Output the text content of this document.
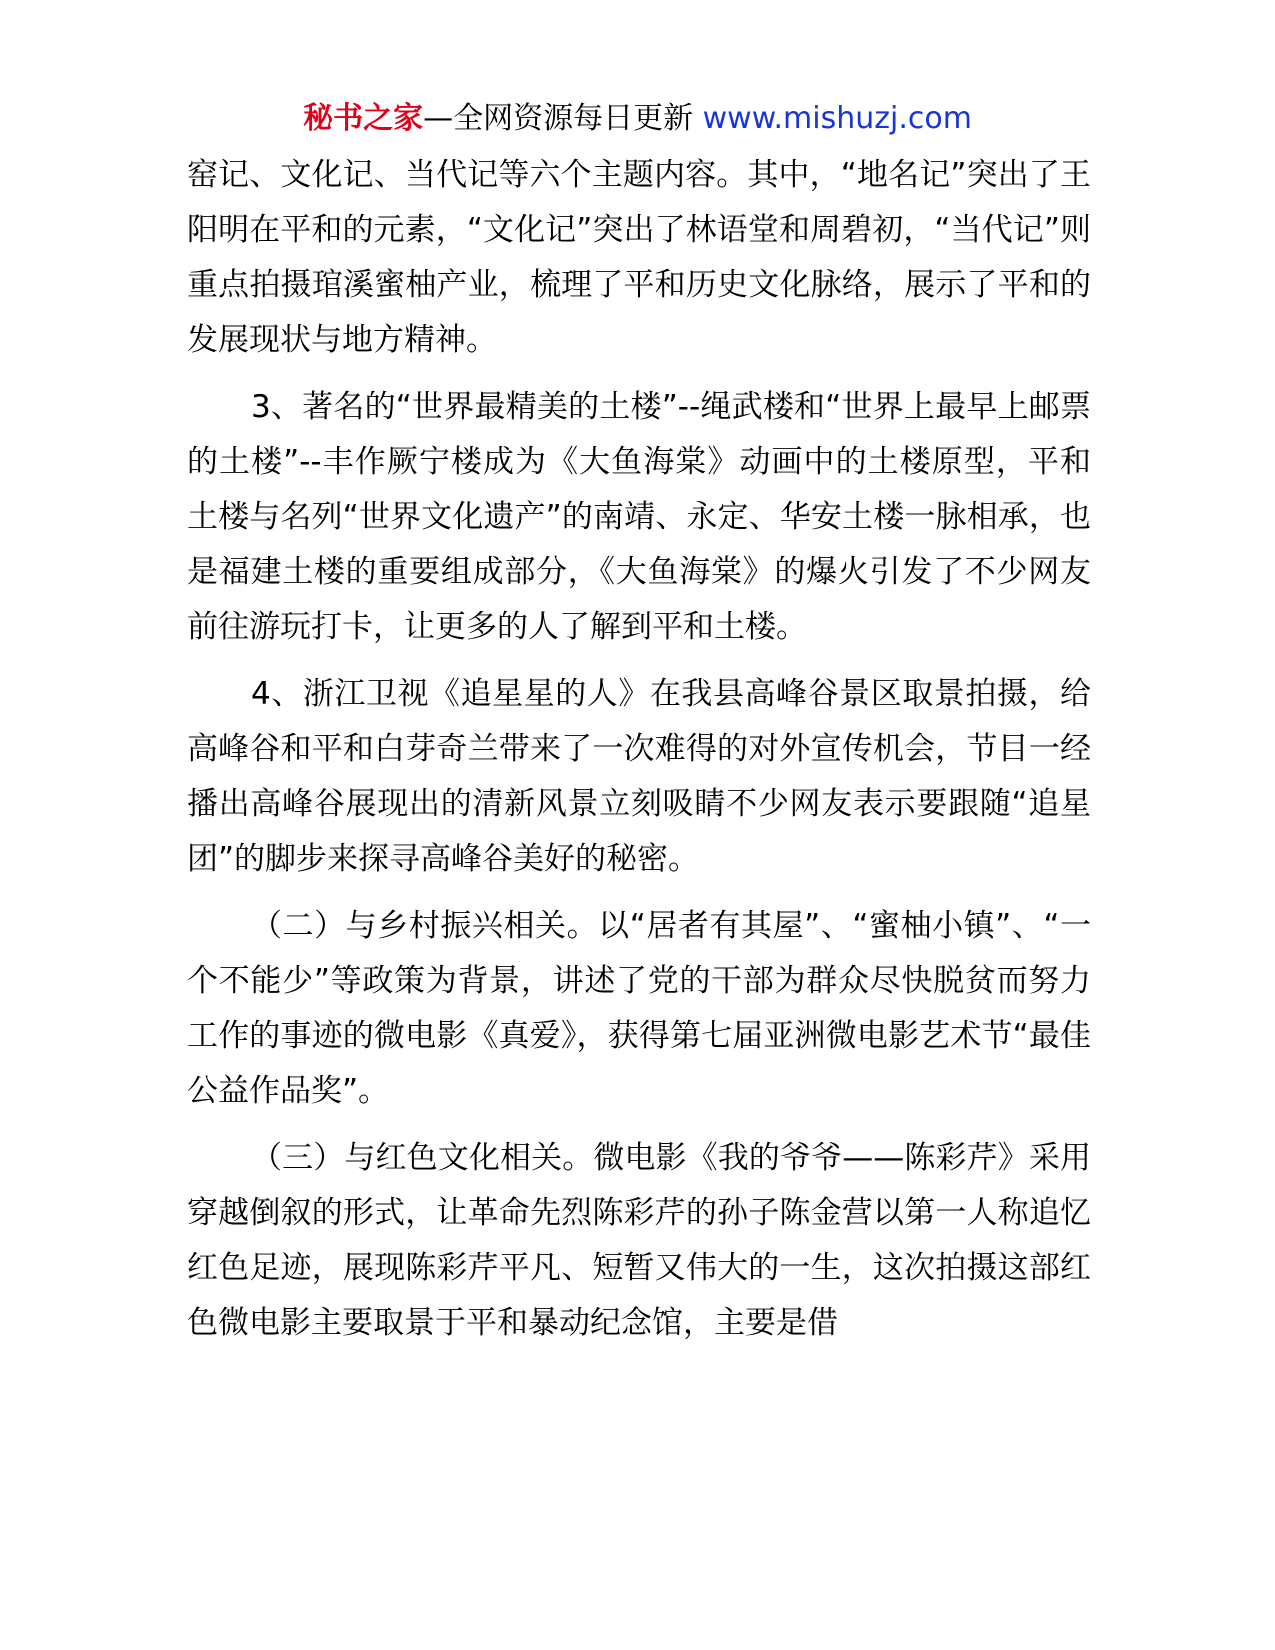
秘书之家—全网资源每日更新 www.mishuzj.com

窑记、文化记、当代记等六个主题内容。其中，“地名记”突出了王阳明在平和的元素，“文化记”突出了林语堂和周碧初，“当代记”则重点拍摄琯溪蜜柚产业，梳理了平和历史文化脉络，展示了平和的发展现状与地方精神。

3、著名的“世界最精美的土楼”--绳武楼和“世界上最早上邮票的土楼”--丰作厥宁楼成为《大鱼海棠》动画中的土楼原型，平和土楼与名列“世界文化遗产”的南靖、永定、华安土楼一脉相承，也是福建土楼的重要组成部分，《大鱼海棠》的爆火引发了不少网友前往游玩打卡，让更多的人了解到平和土楼。

4、浙江卫视《追星星的人》在我县高峰谷景区取景拍摄，给高峰谷和平和白芽奇兰带来了一次难得的对外宣传机会，节目一经播出高峰谷展现出的清新风景立刻吸睛不少网友表示要跟随“追星团”的脚步来探寻高峰谷美好的秘密。

（二）与乡村振兴相关。以“居者有其屋”、“蜜柚小镇”、“一个不能少”等政策为背景，讲述了党的干部为群众尽快脱贫而努力工作的事迹的微电影《真爱》，获得第七届亚洲微电影艺术节“最佳公益作品奖”。

（三）与红色文化相关。微电影《我的爷爷——陈彩芹》采用穿越倒叙的形式，让革命先烈陈彩芹的孙子陈金营以第一人称追忆红色足迹，展现陈彩芹平凡、短暂又伟大的一生，这次拍摄这部红色微电影主要取景于平和暴动纪念馆，主要是借
